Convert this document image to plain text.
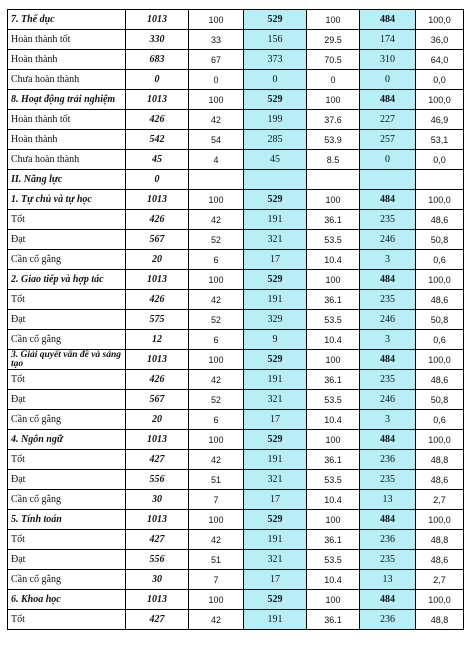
7. Thể dục	1013	100	529	100	484	100,0
Hoàn thành tốt	330	33	156	29.5	174	36,0
Hoàn thành	683	67	373	70.5	310	64,0
Chưa hoàn thành	0	0	0	0	0	0,0
8. Hoạt động trải nghiệm	1013	100	529	100	484	100,0
Hoàn thành tốt	426	42	199	37.6	227	46,9
Hoàn thành	542	54	285	53.9	257	53,1
Chưa hoàn thành	45	4	45	8.5	0	0,0
II. Năng lực	0					
1. Tự chủ và tự học	1013	100	529	100	484	100,0
Tốt	426	42	191	36.1	235	48,6
Đạt	567	52	321	53.5	246	50,8
Cần cố gắng	20	6	17	10.4	3	0,6
2. Giao tiếp và hợp tác	1013	100	529	100	484	100,0
Tốt	426	42	191	36.1	235	48,6
Đạt	575	52	329	53.5	246	50,8
Cần cố gắng	12	6	9	10.4	3	0,6
3. Giải quyết vấn đề và sáng tạo	1013	100	529	100	484	100,0
Tốt	426	42	191	36.1	235	48,6
Đạt	567	52	321	53.5	246	50,8
Cần cố gắng	20	6	17	10.4	3	0,6
4. Ngôn ngữ	1013	100	529	100	484	100,0
Tốt	427	42	191	36.1	236	48,8
Đạt	556	51	321	53.5	235	48,6
Cần cố gắng	30	7	17	10.4	13	2,7
5. Tính toán	1013	100	529	100	484	100,0
Tốt	427	42	191	36.1	236	48,8
Đạt	556	51	321	53.5	235	48,6
Cần cố gắng	30	7	17	10.4	13	2,7
6. Khoa học	1013	100	529	100	484	100,0
Tốt	427	42	191	36.1	236	48,8
